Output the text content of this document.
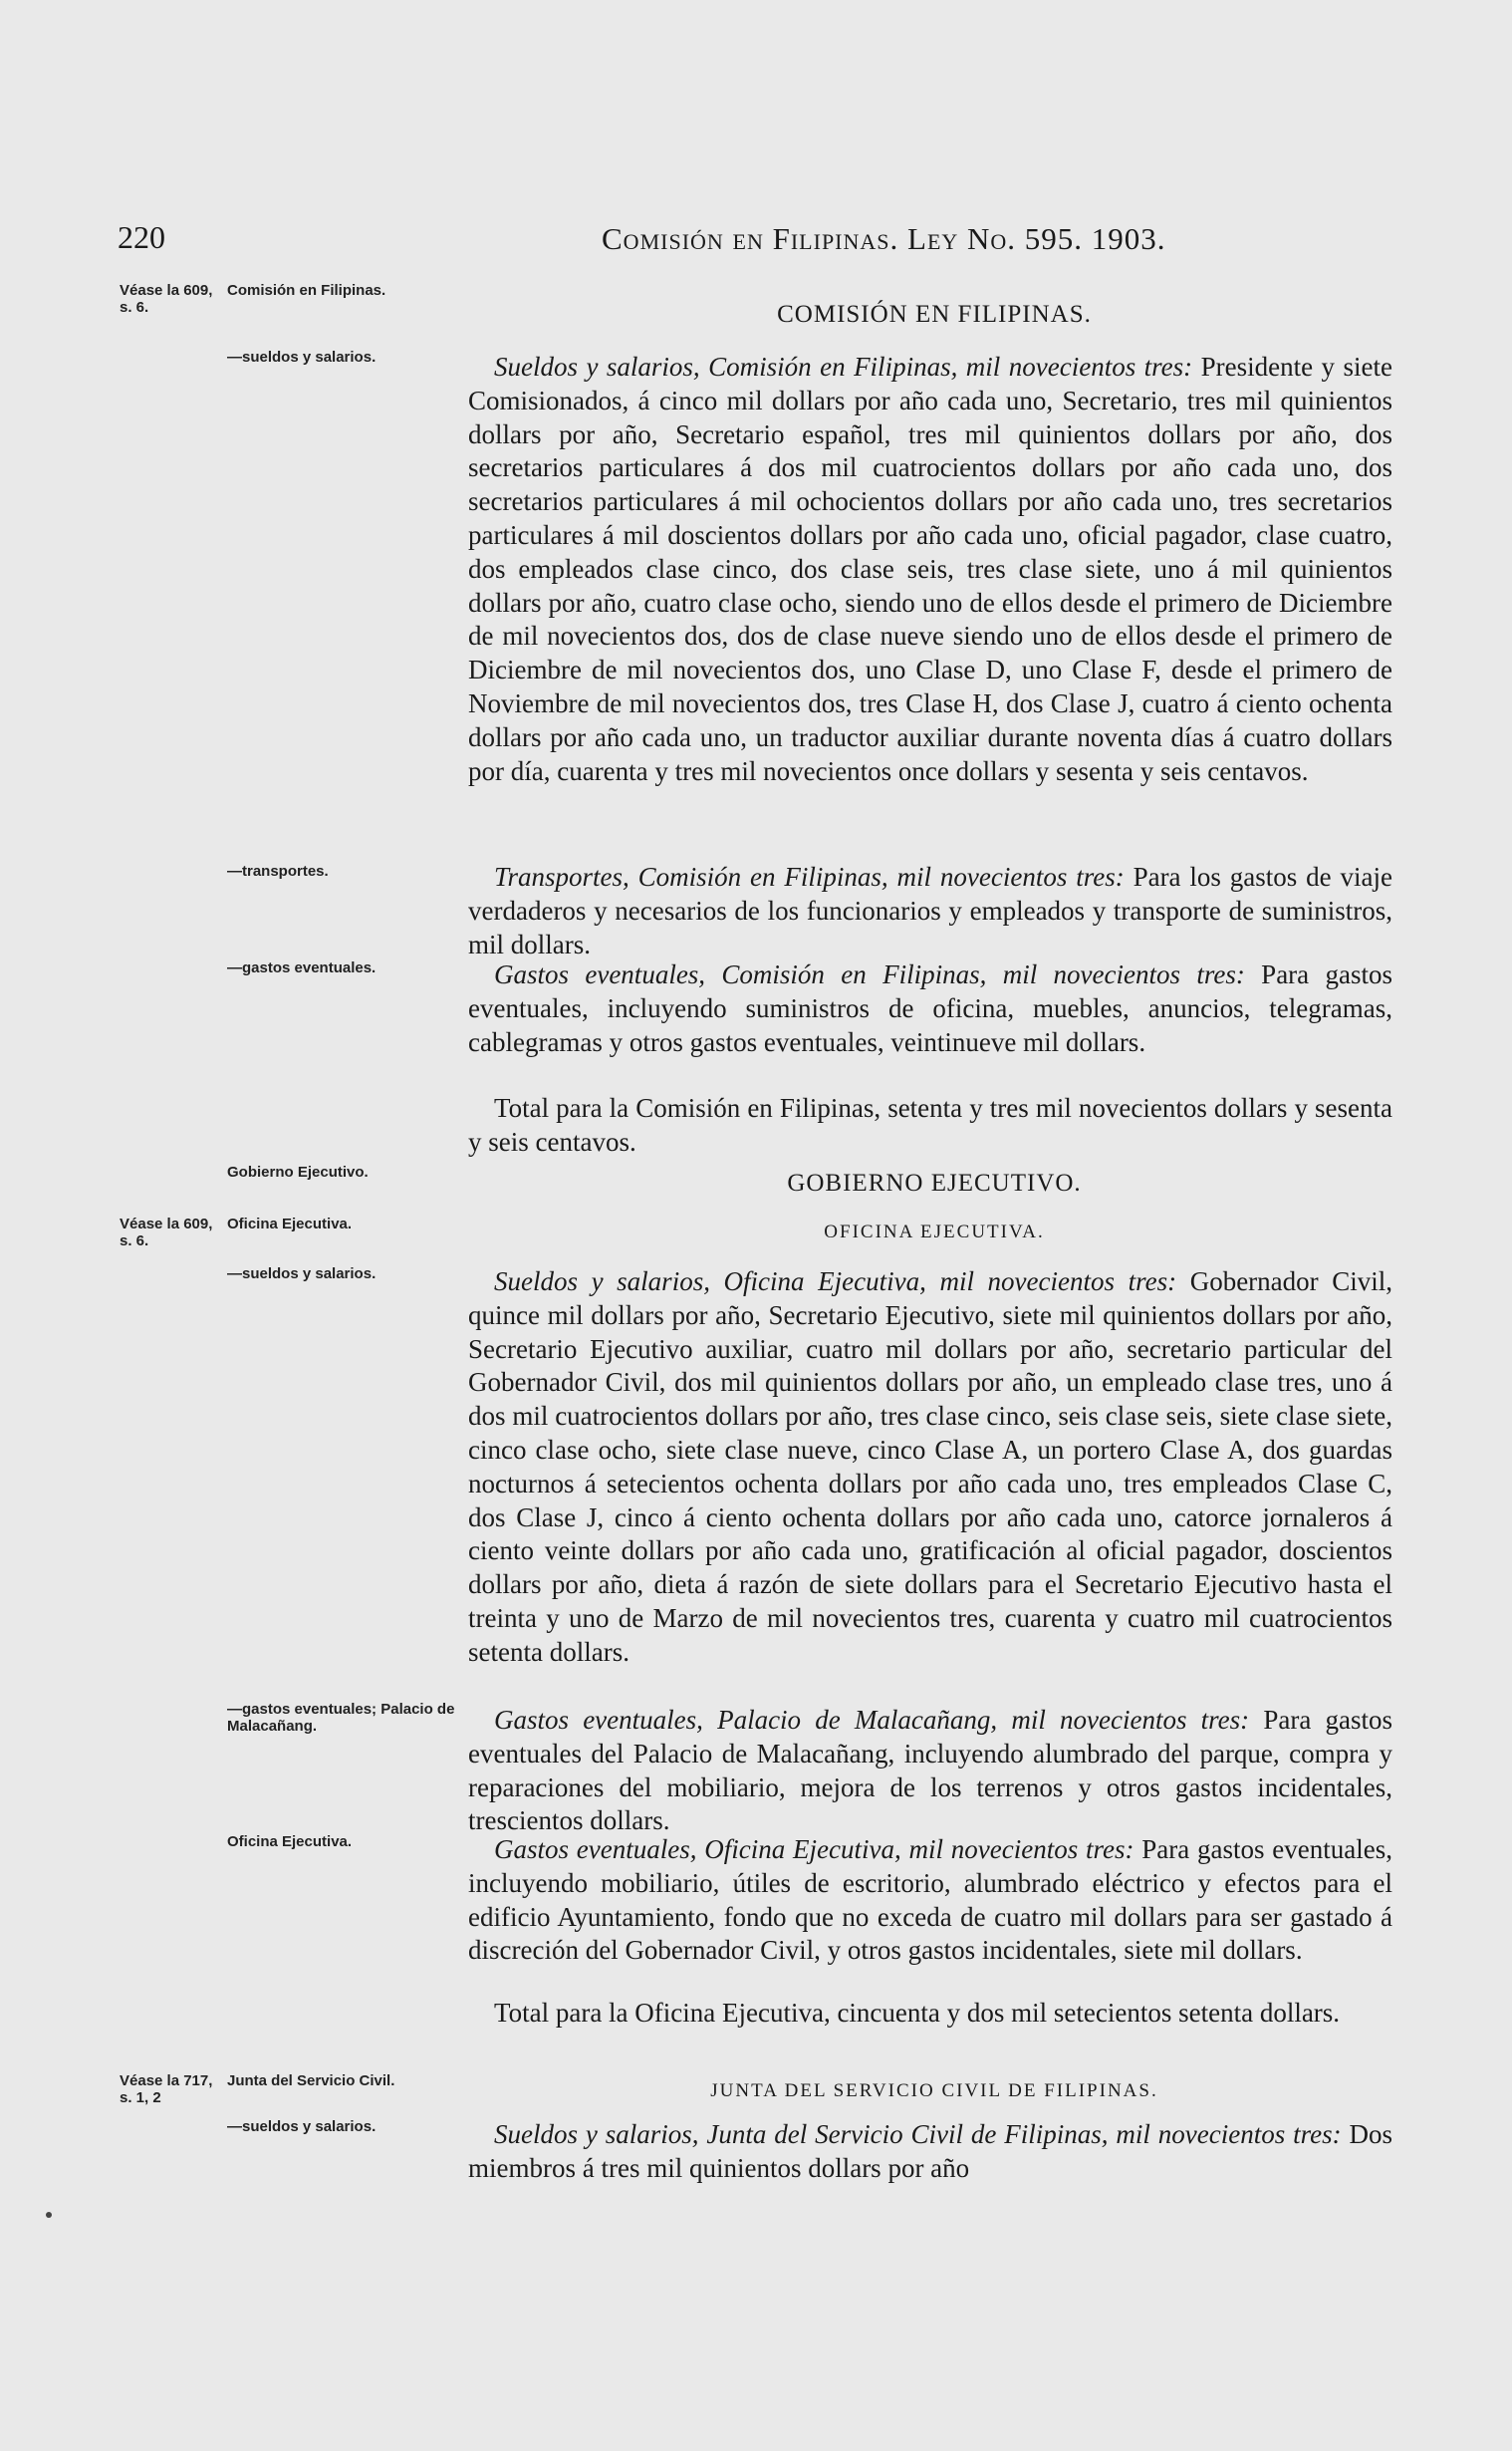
220	Comisión en Filipinas. Ley No. 595. 1903.
Véase la 609, s. 6.
Comisión en Filipinas.
—sueldos y salarios.
—transportes.
—gastos eventuales.
Gobierno Ejecutivo.
Véase la 609, s. 6.
Oficina Ejecutiva.
—sueldos y salarios.
—gastos eventuales; Palacio de Malacañang.
Oficina Ejecutiva.
Véase la 717, s. 1, 2
Junta del Servicio Civil.
—sueldos y salarios.
COMISIÓN EN FILIPINAS.
GOBIERNO EJECUTIVO.
OFICINA EJECUTIVA.
JUNTA DEL SERVICIO CIVIL DE FILIPINAS.

Sueldos y salarios, Comisión en Filipinas, mil novecientos tres: Presidente y siete Comisionados, á cinco mil dollars por año cada uno, Secretario, tres mil quinientos dollars por año, Secretario español, tres mil quinientos dollars por año, dos secretarios particulares á dos mil cuatrocientos dollars por año cada uno, dos secretarios particulares á mil ochocientos dollars por año cada uno, tres secretarios particulares á mil doscientos dollars por año cada uno, oficial pagador, clase cuatro, dos empleados clase cinco, dos clase seis, tres clase siete, uno á mil quinientos dollars por año, cuatro clase ocho, siendo uno de ellos desde el primero de Diciembre de mil novecientos dos, dos de clase nueve siendo uno de ellos desde el primero de Diciembre de mil novecientos dos, uno Clase D, uno Clase F, desde el primero de Noviembre de mil novecientos dos, tres Clase H, dos Clase J, cuatro á ciento ochenta dollars por año cada uno, un traductor auxiliar durante noventa días á cuatro dollars por día, cuarenta y tres mil novecientos once dollars y sesenta y seis centavos.

Transportes, Comisión en Filipinas, mil novecientos tres: Para los gastos de viaje verdaderos y necesarios de los funcionarios y empleados y transporte de suministros, mil dollars.

Gastos eventuales, Comisión en Filipinas, mil novecientos tres: Para gastos eventuales, incluyendo suministros de oficina, muebles, anuncios, telegramas, cablegramas y otros gastos eventuales, veintinueve mil dollars.

Total para la Comisión en Filipinas, setenta y tres mil novecientos dollars y sesenta y seis centavos.

Sueldos y salarios, Oficina Ejecutiva, mil novecientos tres: Gobernador Civil, quince mil dollars por año, Secretario Ejecutivo, siete mil quinientos dollars por año, Secretario Ejecutivo auxiliar, cuatro mil dollars por año, secretario particular del Gobernador Civil, dos mil quinientos dollars por año, un empleado clase tres, uno á dos mil cuatrocientos dollars por año, tres clase cinco, seis clase seis, siete clase siete, cinco clase ocho, siete clase nueve, cinco Clase A, un portero Clase A, dos guardas nocturnos á setecientos ochenta dollars por año cada uno, tres empleados Clase C, dos Clase J, cinco á ciento ochenta dollars por año cada uno, catorce jornaleros á ciento veinte dollars por año cada uno, gratificación al oficial pagador, doscientos dollars por año, dieta á razón de siete dollars para el Secretario Ejecutivo hasta el treinta y uno de Marzo de mil novecientos tres, cuarenta y cuatro mil cuatrocientos setenta dollars.

Gastos eventuales, Palacio de Malacañang, mil novecientos tres: Para gastos eventuales del Palacio de Malacañang, incluyendo alumbrado del parque, compra y reparaciones del mobiliario, mejora de los terrenos y otros gastos incidentales, trescientos dollars.

Gastos eventuales, Oficina Ejecutiva, mil novecientos tres: Para gastos eventuales, incluyendo mobiliario, útiles de escritorio, alumbrado eléctrico y efectos para el edificio Ayuntamiento, fondo que no exceda de cuatro mil dollars para ser gastado á discreción del Gobernador Civil, y otros gastos incidentales, siete mil dollars.

Total para la Oficina Ejecutiva, cincuenta y dos mil setecientos setenta dollars.

Sueldos y salarios, Junta del Servicio Civil de Filipinas, mil novecientos tres: Dos miembros á tres mil quinientos dollars por año
